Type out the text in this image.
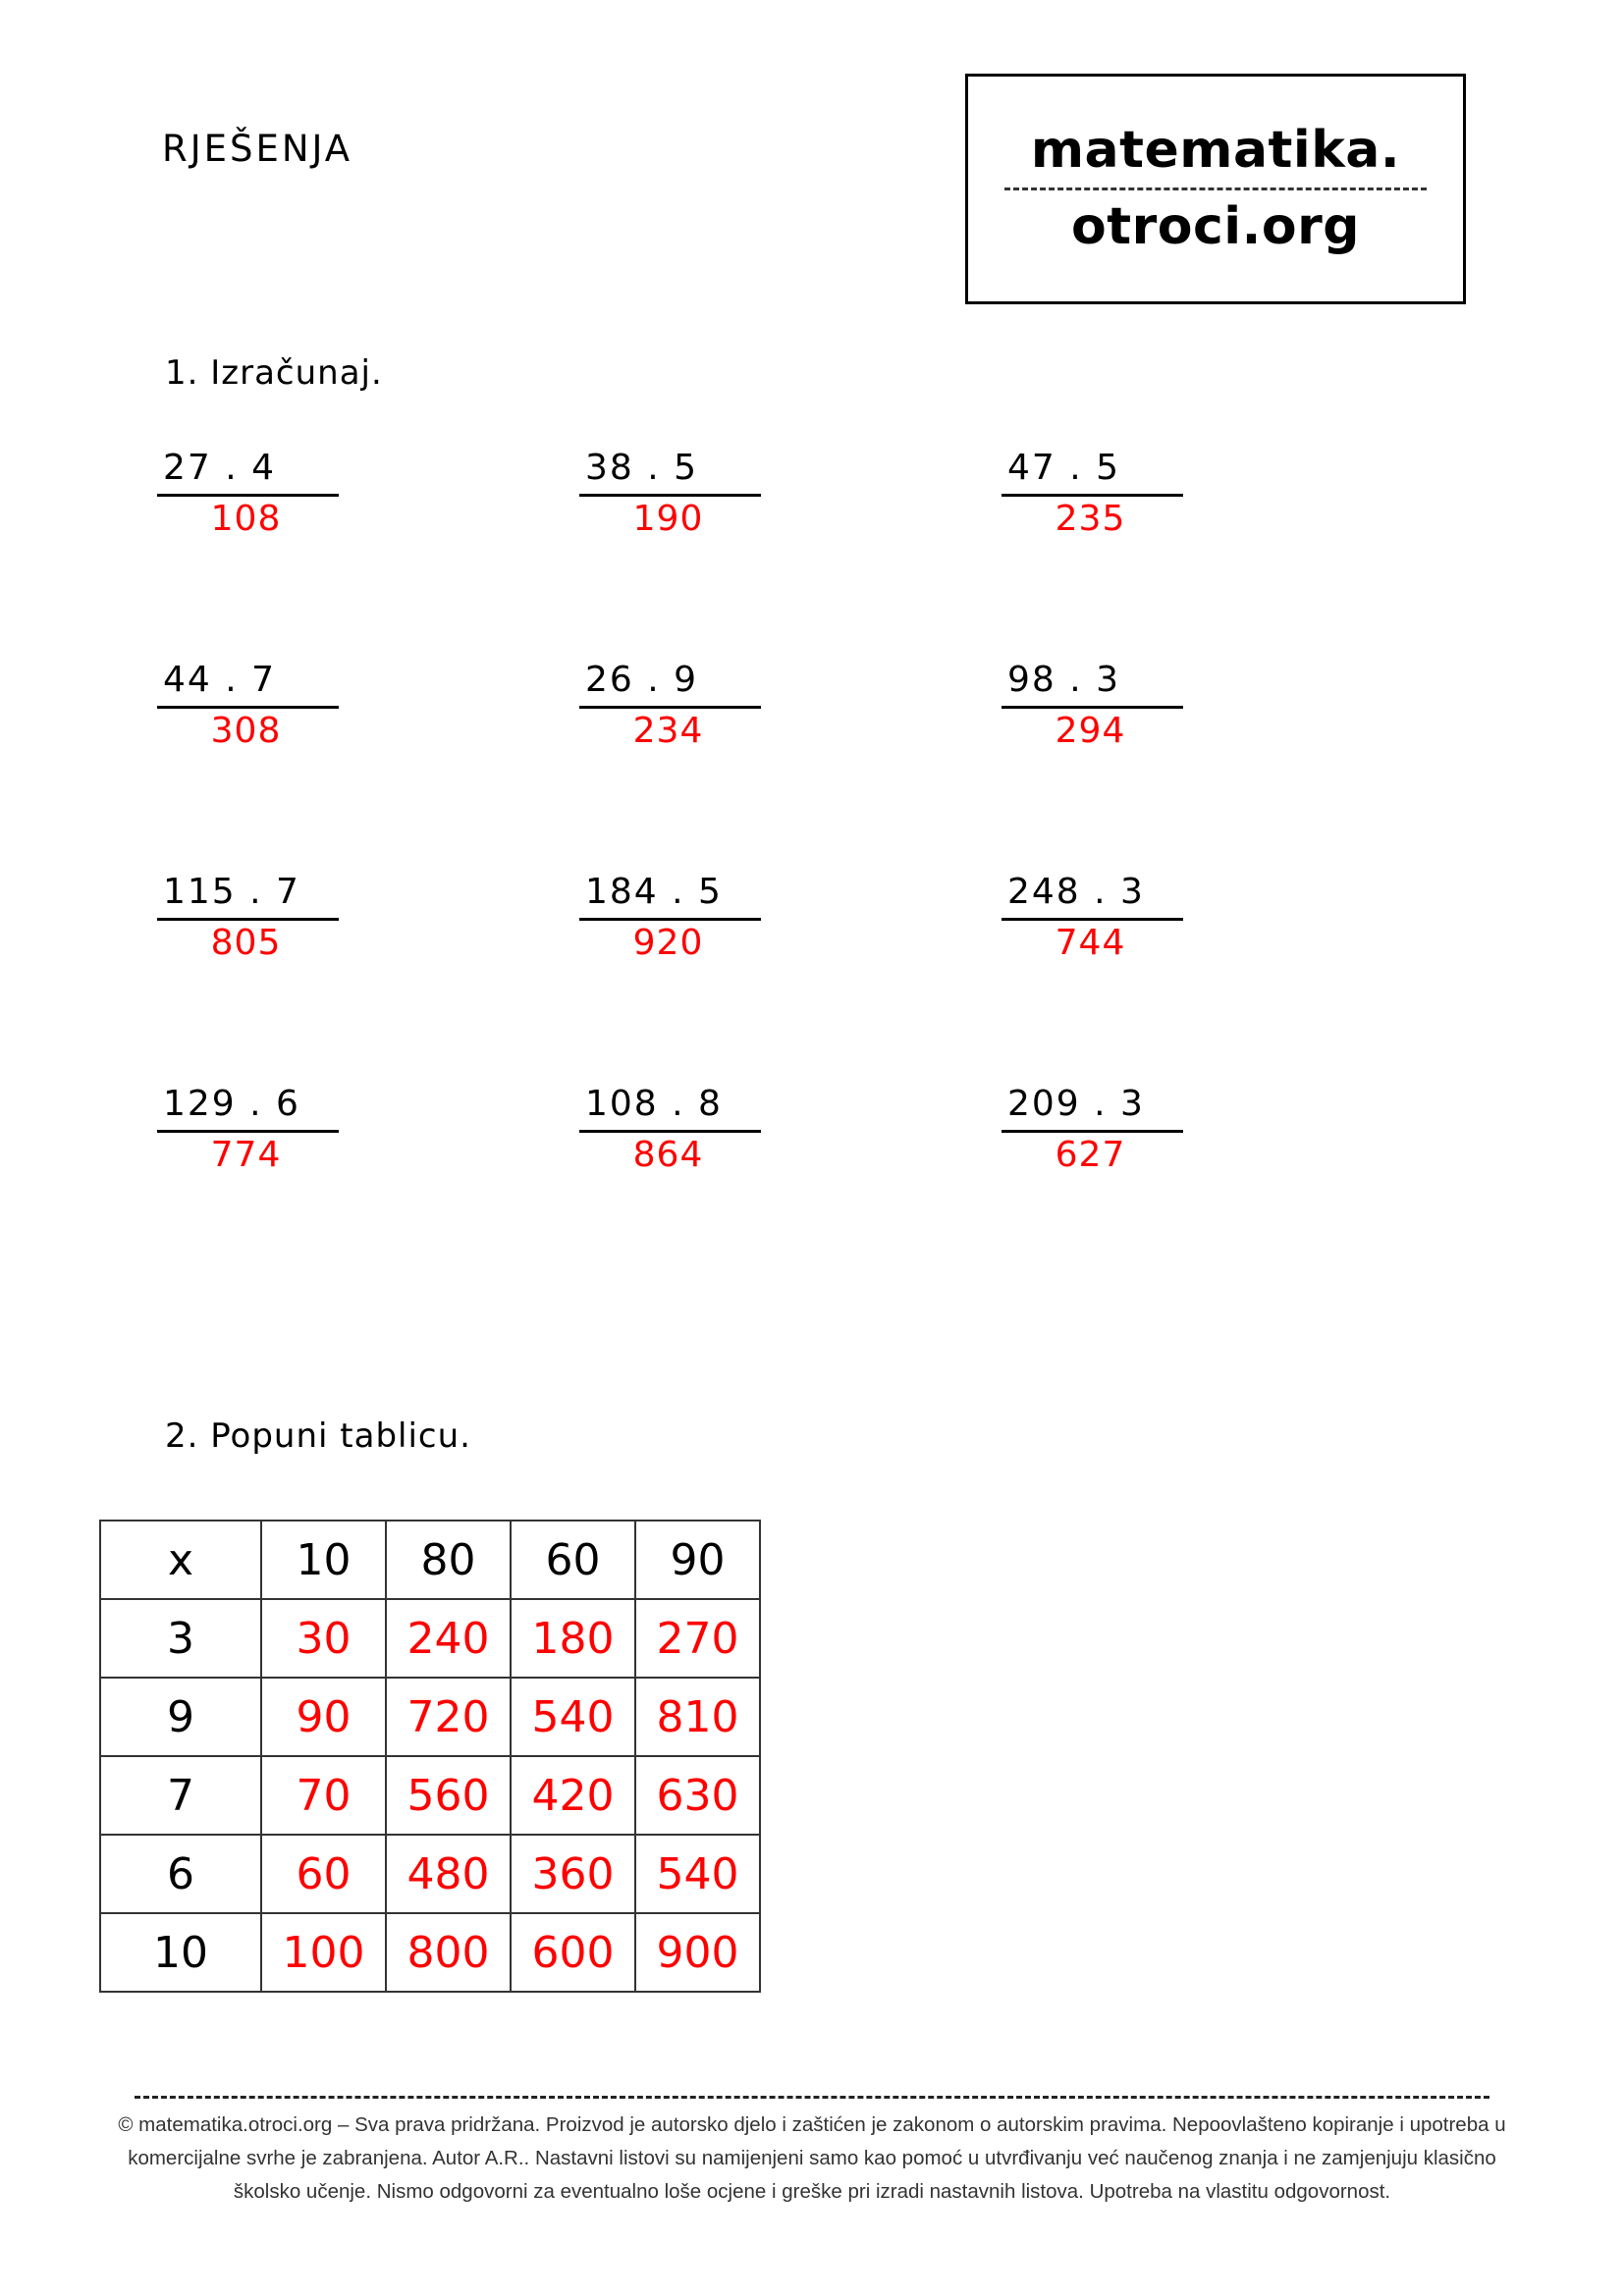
RJEŠENJA	matematika.
otroci.org
1. Izračunaj.
27 . 4
108
38 . 5
190
47 . 5
235
44 . 7
308
26 . 9
234
98 . 3
294
115 . 7
805
184 . 5
920
248 . 3
744
129 . 6
774
108 . 8
864
209 . 3
627
2. Popuni tablicu.
x	10	80	60	90
3	30	240	180	270
9	90	720	540	810
7	70	560	420	630
6	60	480	360	540
10	100	800	600	900
© matematika.otroci.org – Sva prava pridržana. Proizvod je autorsko djelo i zaštićen je zakonom o autorskim pravima. Nepoovlašteno kopiranje i upotreba u
komercijalne svrhe je zabranjena. Autor A.R.. Nastavni listovi su namijenjeni samo kao pomoć u utvrđivanju već naučenog znanja i ne zamjenjuju klasično
školsko učenje. Nismo odgovorni za eventualno loše ocjene i greške pri izradi nastavnih listova. Upotreba na vlastitu odgovornost.
